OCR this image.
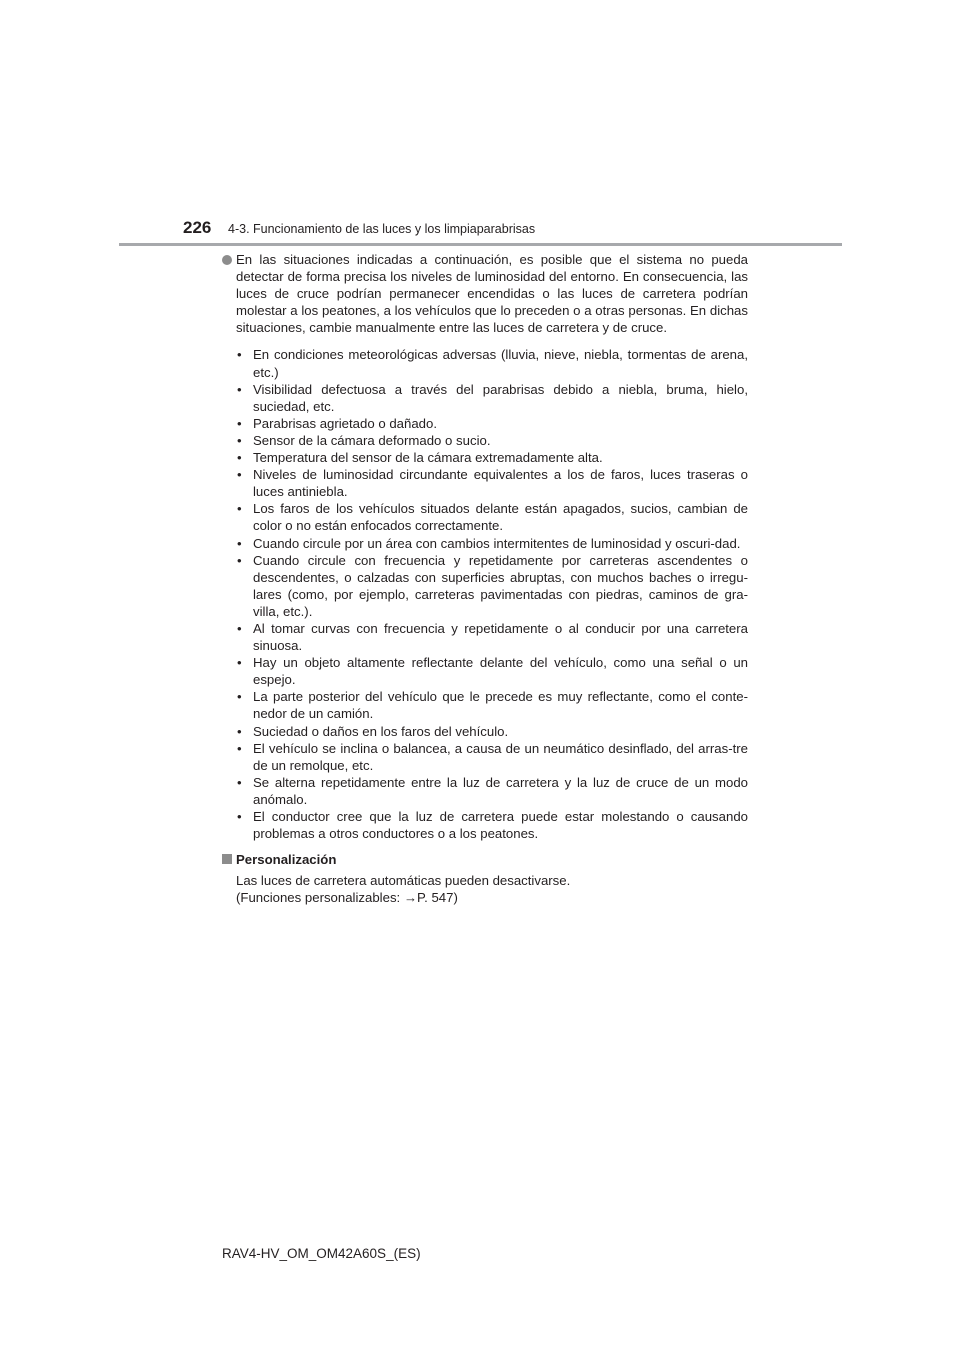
226 4-3. Funcionamiento de las luces y los limpiaparabrisas

En las situaciones indicadas a continuación, es posible que el sistema no pueda detectar de forma precisa los niveles de luminosidad del entorno. En consecuencia, las luces de cruce podrían permanecer encendidas o las luces de carretera podrían molestar a los peatones, a los vehículos que lo preceden o a otras personas. En dichas situaciones, cambie manualmente entre las luces de carretera y de cruce.

• En condiciones meteorológicas adversas (lluvia, nieve, niebla, tormentas de arena, etc.)
• Visibilidad defectuosa a través del parabrisas debido a niebla, bruma, hielo, suciedad, etc.
• Parabrisas agrietado o dañado.
• Sensor de la cámara deformado o sucio.
• Temperatura del sensor de la cámara extremadamente alta.
• Niveles de luminosidad circundante equivalentes a los de faros, luces traseras o luces antiniebla.
• Los faros de los vehículos situados delante están apagados, sucios, cambian de color o no están enfocados correctamente.
• Cuando circule por un área con cambios intermitentes de luminosidad y oscuri-dad.
• Cuando circule con frecuencia y repetidamente por carreteras ascendentes o descendentes, o calzadas con superficies abruptas, con muchos baches o irregu-lares (como, por ejemplo, carreteras pavimentadas con piedras, caminos de gra-villa, etc.).
• Al tomar curvas con frecuencia y repetidamente o al conducir por una carretera sinuosa.
• Hay un objeto altamente reflectante delante del vehículo, como una señal o un espejo.
• La parte posterior del vehículo que le precede es muy reflectante, como el conte-nedor de un camión.
• Suciedad o daños en los faros del vehículo.
• El vehículo se inclina o balancea, a causa de un neumático desinflado, del arras-tre de un remolque, etc.
• Se alterna repetidamente entre la luz de carretera y la luz de cruce de un modo anómalo.
• El conductor cree que la luz de carretera puede estar molestando o causando problemas a otros conductores o a los peatones.
Personalización

Las luces de carretera automáticas pueden desactivarse.

(Funciones personalizables: →P. 547)

RAV4-HV_OM_OM42A60S_(ES)
